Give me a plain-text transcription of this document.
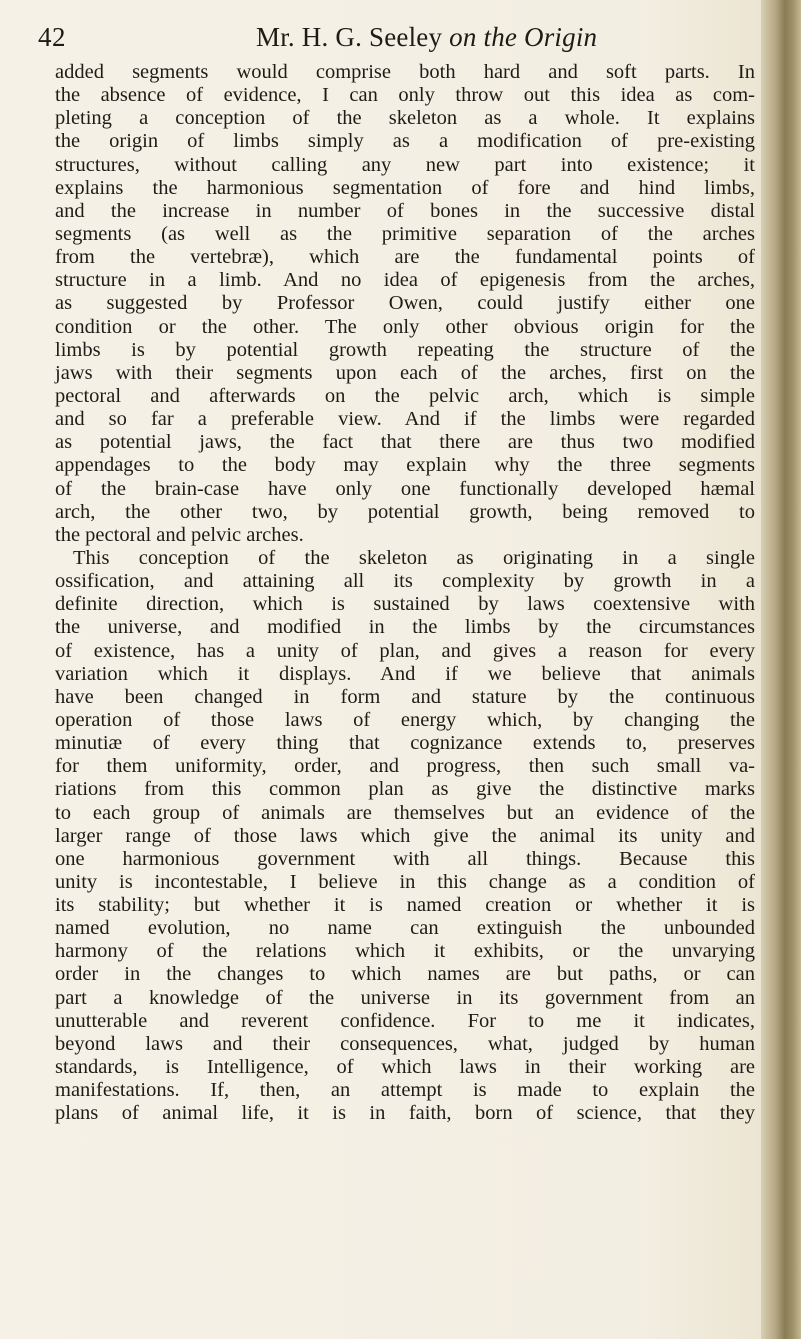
42	Mr. H. G. Seeley on the Origin
added segments would comprise both hard and soft parts. In
the absence of evidence, I can only throw out this idea as com-
pleting a conception of the skeleton as a whole. It explains
the origin of limbs simply as a modification of pre-existing
structures, without calling any new part into existence; it
explains the harmonious segmentation of fore and hind limbs,
and the increase in number of bones in the successive distal
segments (as well as the primitive separation of the arches
from the vertebræ), which are the fundamental points of
structure in a limb. And no idea of epigenesis from the arches,
as suggested by Professor Owen, could justify either one
condition or the other. The only other obvious origin for the
limbs is by potential growth repeating the structure of the
jaws with their segments upon each of the arches, first on the
pectoral and afterwards on the pelvic arch, which is simple
and so far a preferable view. And if the limbs were regarded
as potential jaws, the fact that there are thus two modified
appendages to the body may explain why the three segments
of the brain-case have only one functionally developed hæmal
arch, the other two, by potential growth, being removed to
the pectoral and pelvic arches.
This conception of the skeleton as originating in a single
ossification, and attaining all its complexity by growth in a
definite direction, which is sustained by laws coextensive with
the universe, and modified in the limbs by the circumstances
of existence, has a unity of plan, and gives a reason for every
variation which it displays. And if we believe that animals
have been changed in form and stature by the continuous
operation of those laws of energy which, by changing the
minutiæ of every thing that cognizance extends to, preserves
for them uniformity, order, and progress, then such small va-
riations from this common plan as give the distinctive marks
to each group of animals are themselves but an evidence of the
larger range of those laws which give the animal its unity and
one harmonious government with all things. Because this
unity is incontestable, I believe in this change as a condition of
its stability; but whether it is named creation or whether it is
named evolution, no name can extinguish the unbounded
harmony of the relations which it exhibits, or the unvarying
order in the changes to which names are but paths, or can
part a knowledge of the universe in its government from an
unutterable and reverent confidence. For to me it indicates,
beyond laws and their consequences, what, judged by human
standards, is Intelligence, of which laws in their working are
manifestations. If, then, an attempt is made to explain the
plans of animal life, it is in faith, born of science, that they
